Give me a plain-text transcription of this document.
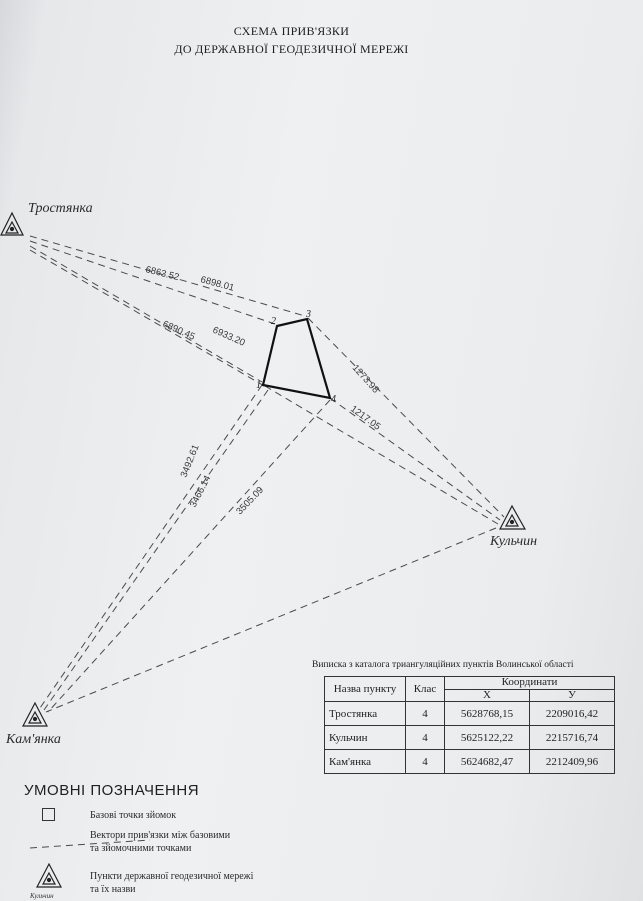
СХЕМА ПРИВ'ЯЗКИ
ДО ДЕРЖАВНОЇ ГЕОДЕЗИЧНОЇ МЕРЕЖІ
1
2
3
4
6863.52
6898.01
6890.45 6933.20
1273.98
1217.05
3492.61
3466.14 3505.09
Тростянка
Кульчин
Кам'янка
Виписка з каталога триангуляційних пунктів Волинської області
Назва пункту	Клас	Координати	
		X	У
Тростянка	4	5628768,15	2209016,42
Кульчин	4	5625122,22	2215716,74
Кам'янка	4	5624682,47	2212409,96
УМОВНІ ПОЗНАЧЕННЯ
Базові точки зйомок
Вектори прив'язки між базовими
та зйомочними точками
Пункти державної геодезичної мережі
та їх назви
Кульчин
